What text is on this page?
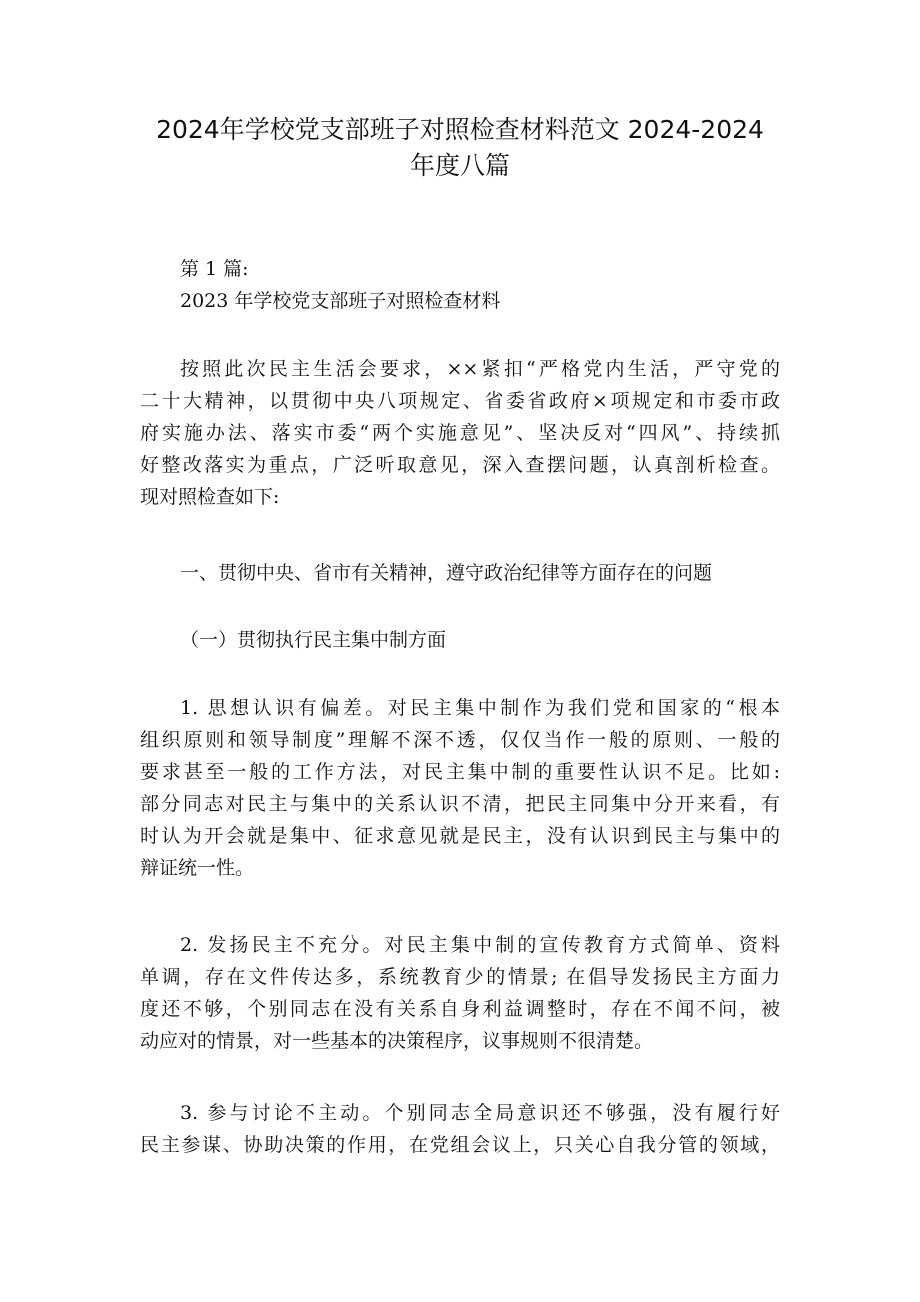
2024年学校党支部班子对照检查材料范文 2024-2024
年度八篇
第 1 篇:
2023 年学校党支部班子对照检查材料
按照此次民主生活会要求，××紧扣“严格党内生活，严守党的
二十大精神，以贯彻中央八项规定、省委省政府×项规定和市委市政
府实施办法、落实市委“两个实施意见”、坚决反对“四风”、持续抓
好整改落实为重点，广泛听取意见，深入查摆问题，认真剖析检查。
现对照检查如下:
一、贯彻中央、省市有关精神，遵守政治纪律等方面存在的问题
（一）贯彻执行民主集中制方面
1. 思想认识有偏差。对民主集中制作为我们党和国家的“根本
组织原则和领导制度”理解不深不透，仅仅当作一般的原则、一般的
要求甚至一般的工作方法，对民主集中制的重要性认识不足。比如:
部分同志对民主与集中的关系认识不清，把民主同集中分开来看，有
时认为开会就是集中、征求意见就是民主，没有认识到民主与集中的
辩证统一性。
2. 发扬民主不充分。对民主集中制的宣传教育方式简单、资料
单调，存在文件传达多，系统教育少的情景; 在倡导发扬民主方面力
度还不够，个别同志在没有关系自身利益调整时，存在不闻不问，被
动应对的情景，对一些基本的决策程序，议事规则不很清楚。
3. 参与讨论不主动。个别同志全局意识还不够强，没有履行好
民主参谋、协助决策的作用，在党组会议上，只关心自我分管的领域，
